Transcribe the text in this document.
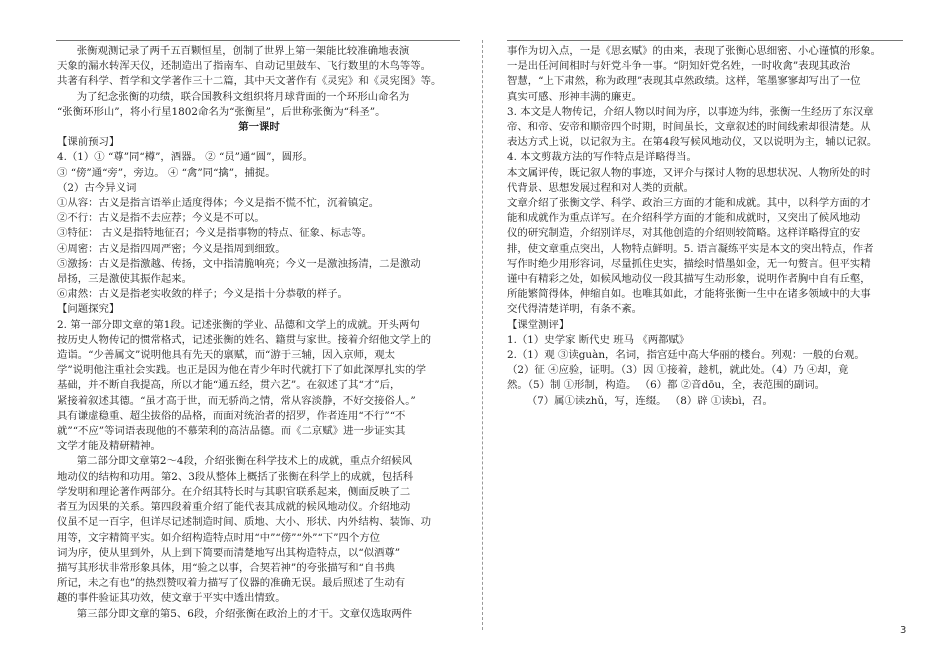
张衡观测记录了两千五百颗恒星，创制了世界上第一架能比较准确地表演

天象的漏水转浑天仪，还制造出了指南车、自动记里鼓车、飞行数里的木鸟等等。

共著有科学、哲学和文学著作三十二篇，其中天文著作有《灵宪》和《灵宪图》等。

为了纪念张衡的功绩，联合国教科文组织将月球背面的一个环形山命名为

“张衡环形山”，将小行星1802命名为“张衡星”，后世称张衡为“科圣”。

第一课时

【课前预习】

4.（1）① “尊”同“樽”，酒器。 ② “员”通“圆”，圆形。

③ “傍”通“旁”，旁边。 ④ “禽”同“擒”，捕捉。

（2）古今异义词

①从容：古义是指言语举止适度得体；今义是指不慌不忙，沉着镇定。

②不行：古义是指不去应荐；今义是不可以。

③特征： 古义是指特地征召；今义是指事物的特点、征象、标志等。

④周密：古义是指四周严密；今义是指周到细致。

⑤激扬：古义是指激越、传扬，文中指清脆响亮；今义一是激浊扬清，二是激动

昂扬，三是激使其振作起来。

⑥肃然：古义是指老实收敛的样子；今义是指十分恭敬的样子。

【问题探究】

2. 第一部分即文章的第1段。记述张衡的学业、品德和文学上的成就。开头两句

按历史人物传记的惯常格式，记述张衡的姓名、籍贯与家世。接着介绍他文学上的

造诣。“少善属文”说明他具有先天的禀赋，而“游于三辅，因入京师，观太

学”说明他注重社会实践。也正是因为他在青少年时代就打下了如此深厚扎实的学

基础，并不断自我提高，所以才能“通五经，贯六艺”。在叙述了其“才”后，

紧接着叙述其德。“虽才高于世，而无骄尚之情，常从容淡静，不好交接俗人。”

具有谦虚稳重、超尘拔俗的品格，而面对统治者的招罗，作者连用“不行”“不

就”“不应”等词语表现他的不慕荣利的高洁品德。而《二京赋》进一步证实其

文学才能及精研精神。

第二部分即文章第2～4段，介绍张衡在科学技术上的成就，重点介绍候风

地动仪的结构和功用。第2、3段从整体上概括了张衡在科学上的成就，包括科

学发明和理论著作两部分。在介绍其特长时与其职官联系起来，侧面反映了二

者互为因果的关系。第四段着重介绍了能代表其成就的候风地动仪。介绍地动

仪虽不足一百字，但详尽记述制造时间、质地、大小、形状、内外结构、装饰、功

用等，文字精简平实。如介绍构造特点时用“中”“傍”“外”“下”四个方位

词为序，使从里到外，从上到下简要而清楚地写出其构造特点，以“似酒尊”

描写其形状非常形象具体，用“验之以事，合契若神”的夸张描写和“自书典

所记，未之有也”的热烈赞叹着力描写了仪器的准确无误。最后照述了生动有

趣的事件验证其功效，使文章于平实中透出情致。

第三部分即文章的第5、6段，介绍张衡在政治上的才干。文章仅选取两件

事作为切入点，一是《思玄赋》的由来，表现了张衡心思细密、小心谨慎的形象。

一是出任河间相时与奸党斗争一事。“阴知奸党名姓，一时收禽”表现其政治

智慧，“上下肃然，称为政理”表现其卓然政绩。这样，笔墨寥寥却写出了一位

真实可感、形神丰满的廉吏。

3. 本文是人物传记，介绍人物以时间为序，以事迹为纬，张衡一生经历了东汉章

帝、和帝、安帝和顺帝四个时期，时间虽长，文章叙述的时间线索却很清楚。从

表达方式上说，以记叙为主。在第4段写候风地动仪，又以说明为主，辅以记叙。

4. 本文剪裁方法的写作特点是详略得当。

本文属评传，既记叙人物的事迹，又评介与探讨人物的思想状况、人物所处的时

代背景、思想发展过程和对人类的贡献。

文章介绍了张衡文学、科学、政治三方面的才能和成就。其中，以科学方面的才

能和成就作为重点详写。在介绍科学方面的才能和成就时，又突出了候风地动

仪的研究制造，介绍别详尽，对其他创造的介绍则较简略。这样详略得宜的安

排，使文章重点突出，人物特点鲜明。5. 语言凝练平实是本文的突出特点，作者

写作时绝少用形容词，尽量抓住史实，描绘时惜墨如金，无一句赘言。但平实精

谨中有精彩之处，如候风地动仪一段其描写生动形象，说明作者胸中自有丘壑，

所能繁简得体，伸缩自如。也唯其如此，才能将张衡一生中在诸多领域中的大事

交代得清楚详明，有条不紊。

【课堂测评】

1.（1）史学家 断代史 班马 《两都赋》

2.（1）观 ③读guàn，名词，指宫廷中高大华丽的楼台。列观：一般的台观。

（2）征 ④应验，证明。（3）因 ①接着，趁机，就此处。（4）乃 ④却，竟

然。（5）制 ①形制，构造。 （6）都 ②音dōu，全，表范围的副词。

（7）属①读zhǔ，写，连缀。 （8）辟 ①读bì，召。

3
